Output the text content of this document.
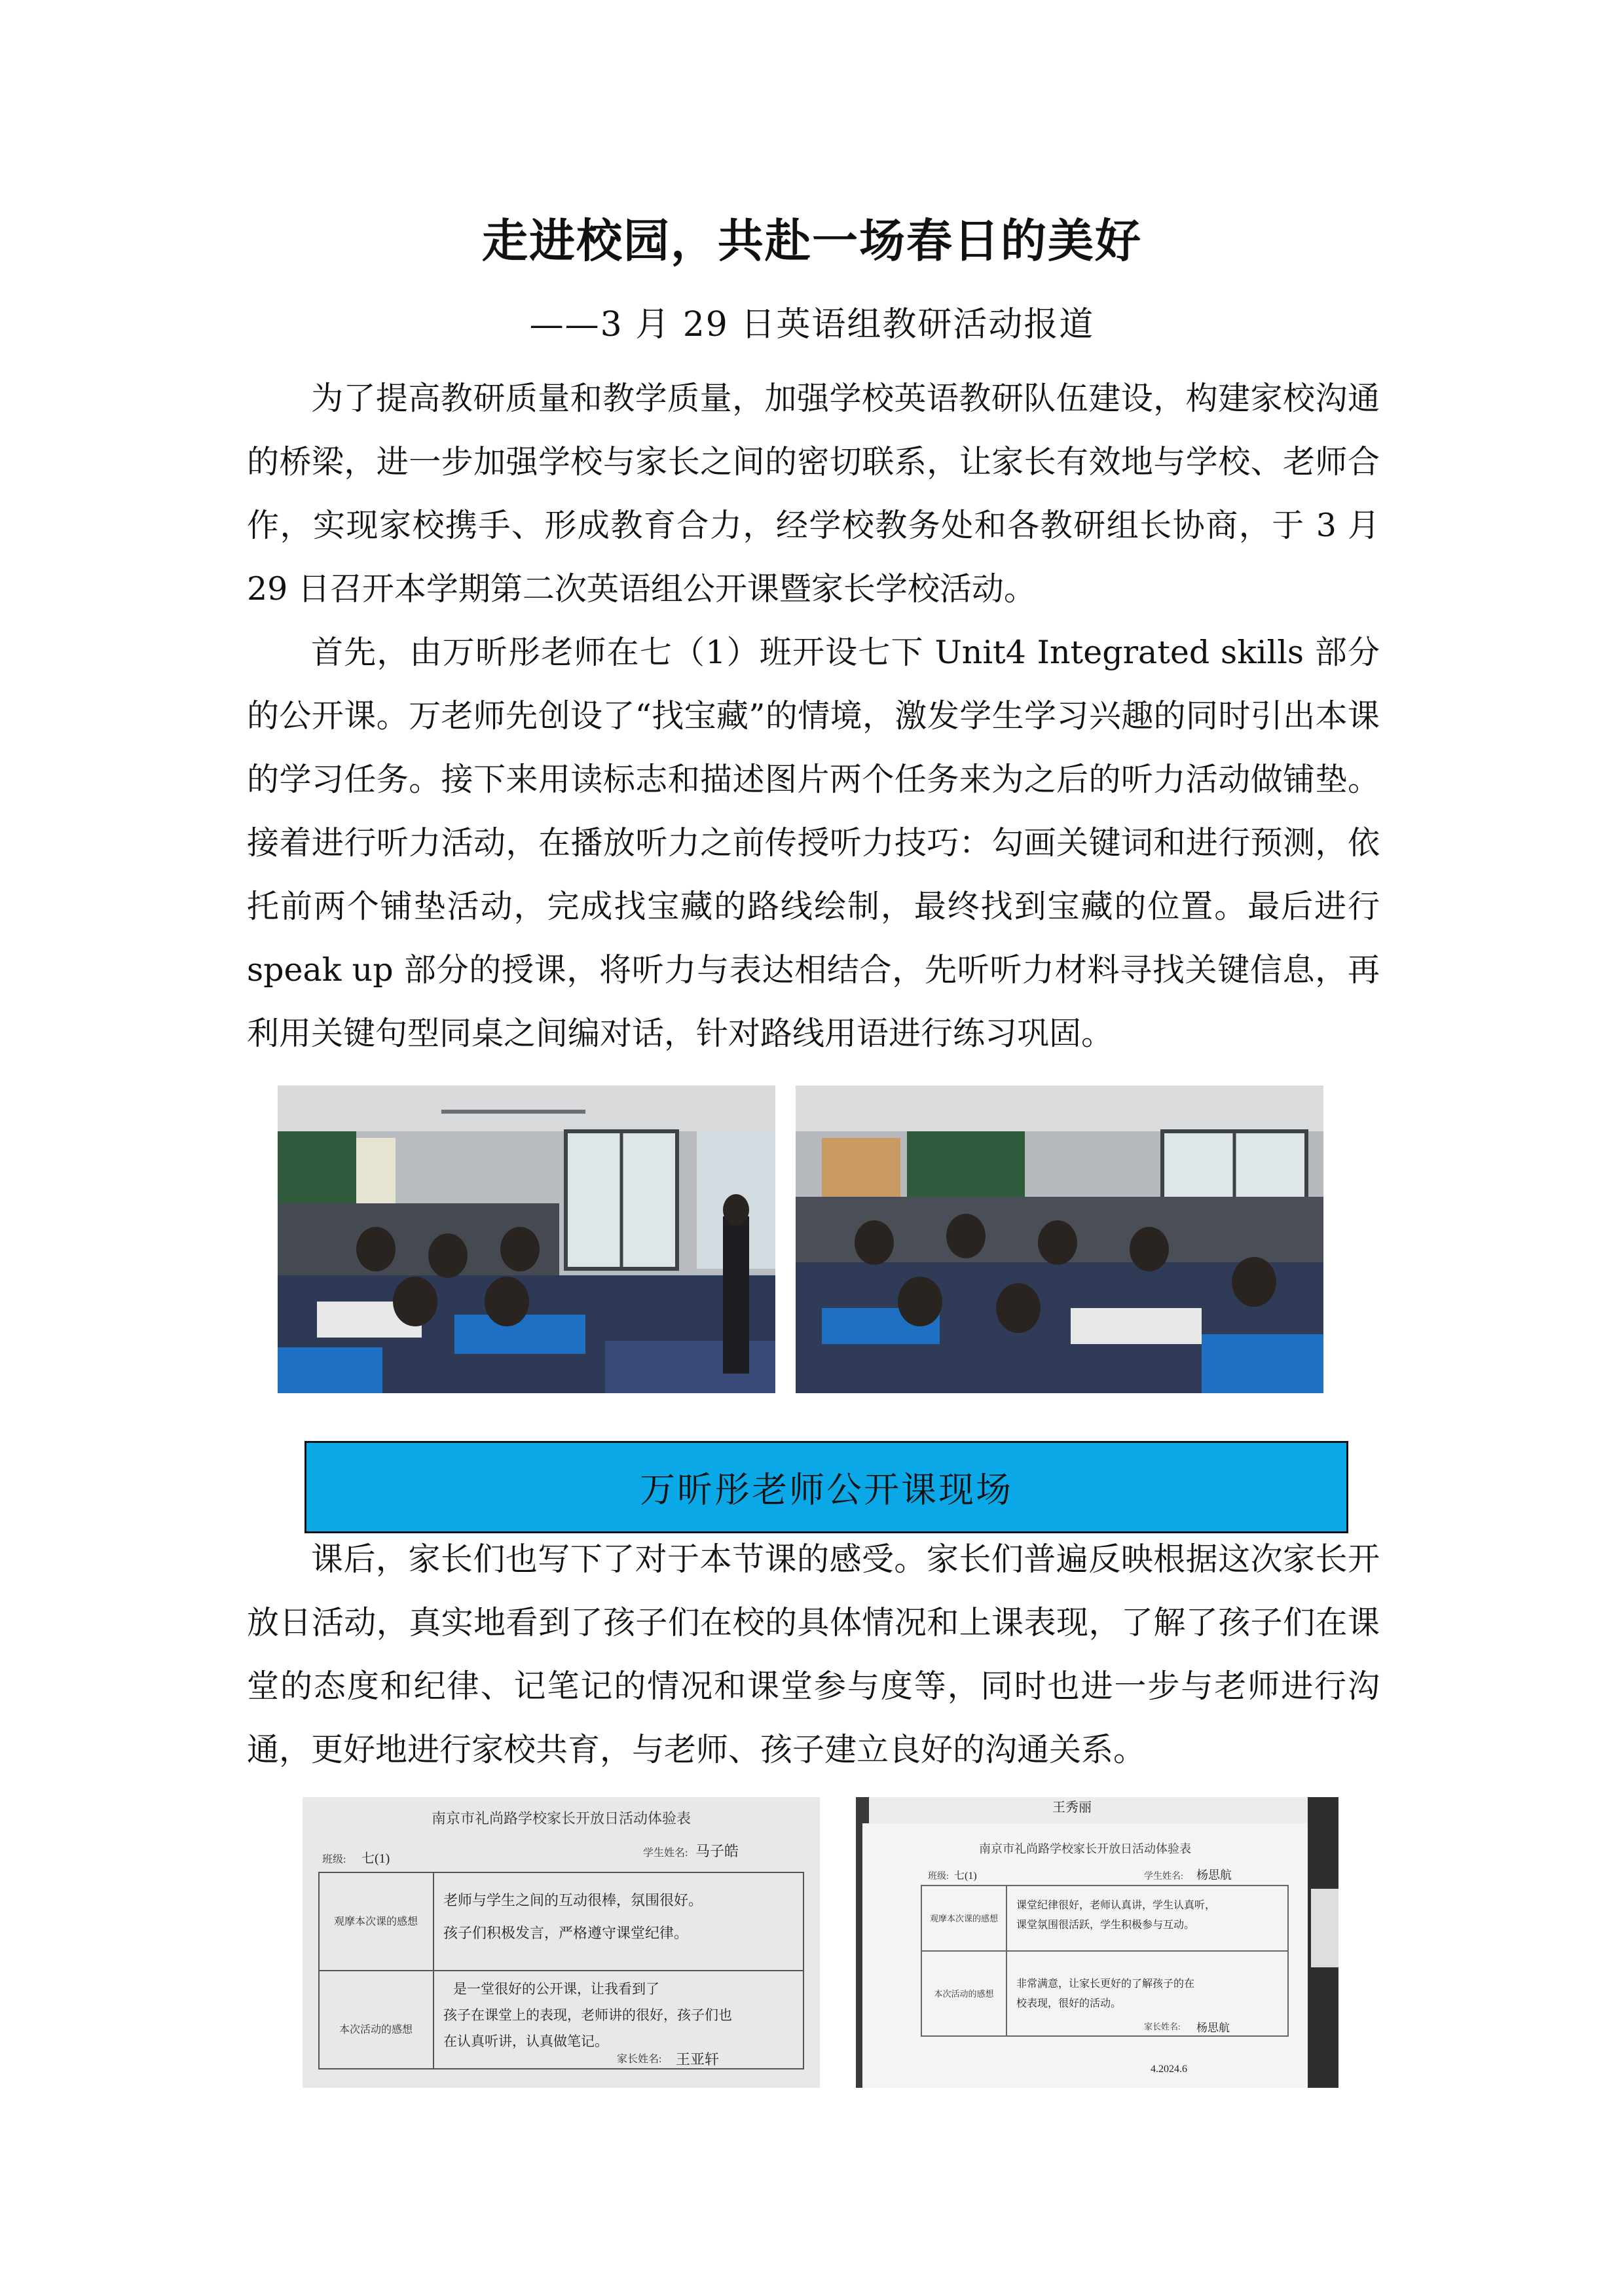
走进校园，共赴一场春日的美好

——3 月 29 日英语组教研活动报道

为了提高教研质量和教学质量，加强学校英语教研队伍建设，构建家校沟通的桥梁，进一步加强学校与家长之间的密切联系，让家长有效地与学校、老师合作，实现家校携手、形成教育合力，经学校教务处和各教研组长协商，于 3 月 29 日召开本学期第二次英语组公开课暨家长学校活动。

首先，由万昕彤老师在七（1）班开设七下 Unit4 Integrated skills 部分的公开课。万老师先创设了“找宝藏”的情境，激发学生学习兴趣的同时引出本课的学习任务。接下来用读标志和描述图片两个任务来为之后的听力活动做铺垫。接着进行听力活动，在播放听力之前传授听力技巧：勾画关键词和进行预测，依托前两个铺垫活动，完成找宝藏的路线绘制，最终找到宝藏的位置。最后进行 speak up 部分的授课，将听力与表达相结合，先听听力材料寻找关键信息，再利用关键句型同桌之间编对话，针对路线用语进行练习巩固。

万昕彤老师公开课现场

课后，家长们也写下了对于本节课的感受。家长们普遍反映根据这次家长开放日活动，真实地看到了孩子们在校的具体情况和上课表现，了解了孩子们在课堂的态度和纪律、记笔记的情况和课堂参与度等，同时也进一步与老师进行沟通，更好地进行家校共育，与老师、孩子建立良好的沟通关系。

南京市礼尚路学校家长开放日活动体验表
学生姓名: 马子皓
班级: 七(1)
观摩本次课的感想
老师与学生之间的互动很棒，氛围很好。
孩子们积极发言，严格遵守课堂纪律。
本次活动的感想
是一堂很好的公开课，让我看到了
孩子在课堂上的表现，老师讲的很好，孩子们也
在认真听讲，认真做笔记。
家长姓名: 王亚轩
王秀丽
南京市礼尚路学校家长开放日活动体验表
班级: 七(1)	学生姓名: 杨思航
观摩本次课的感想
课堂纪律很好，老师认真讲，学生认真听，
课堂氛围很活跃，学生积极参与互动。
本次活动的感想
非常满意，让家长更好的了解孩子的在
校表现，很好的活动。
家长姓名: 杨思航
4.2024.6
